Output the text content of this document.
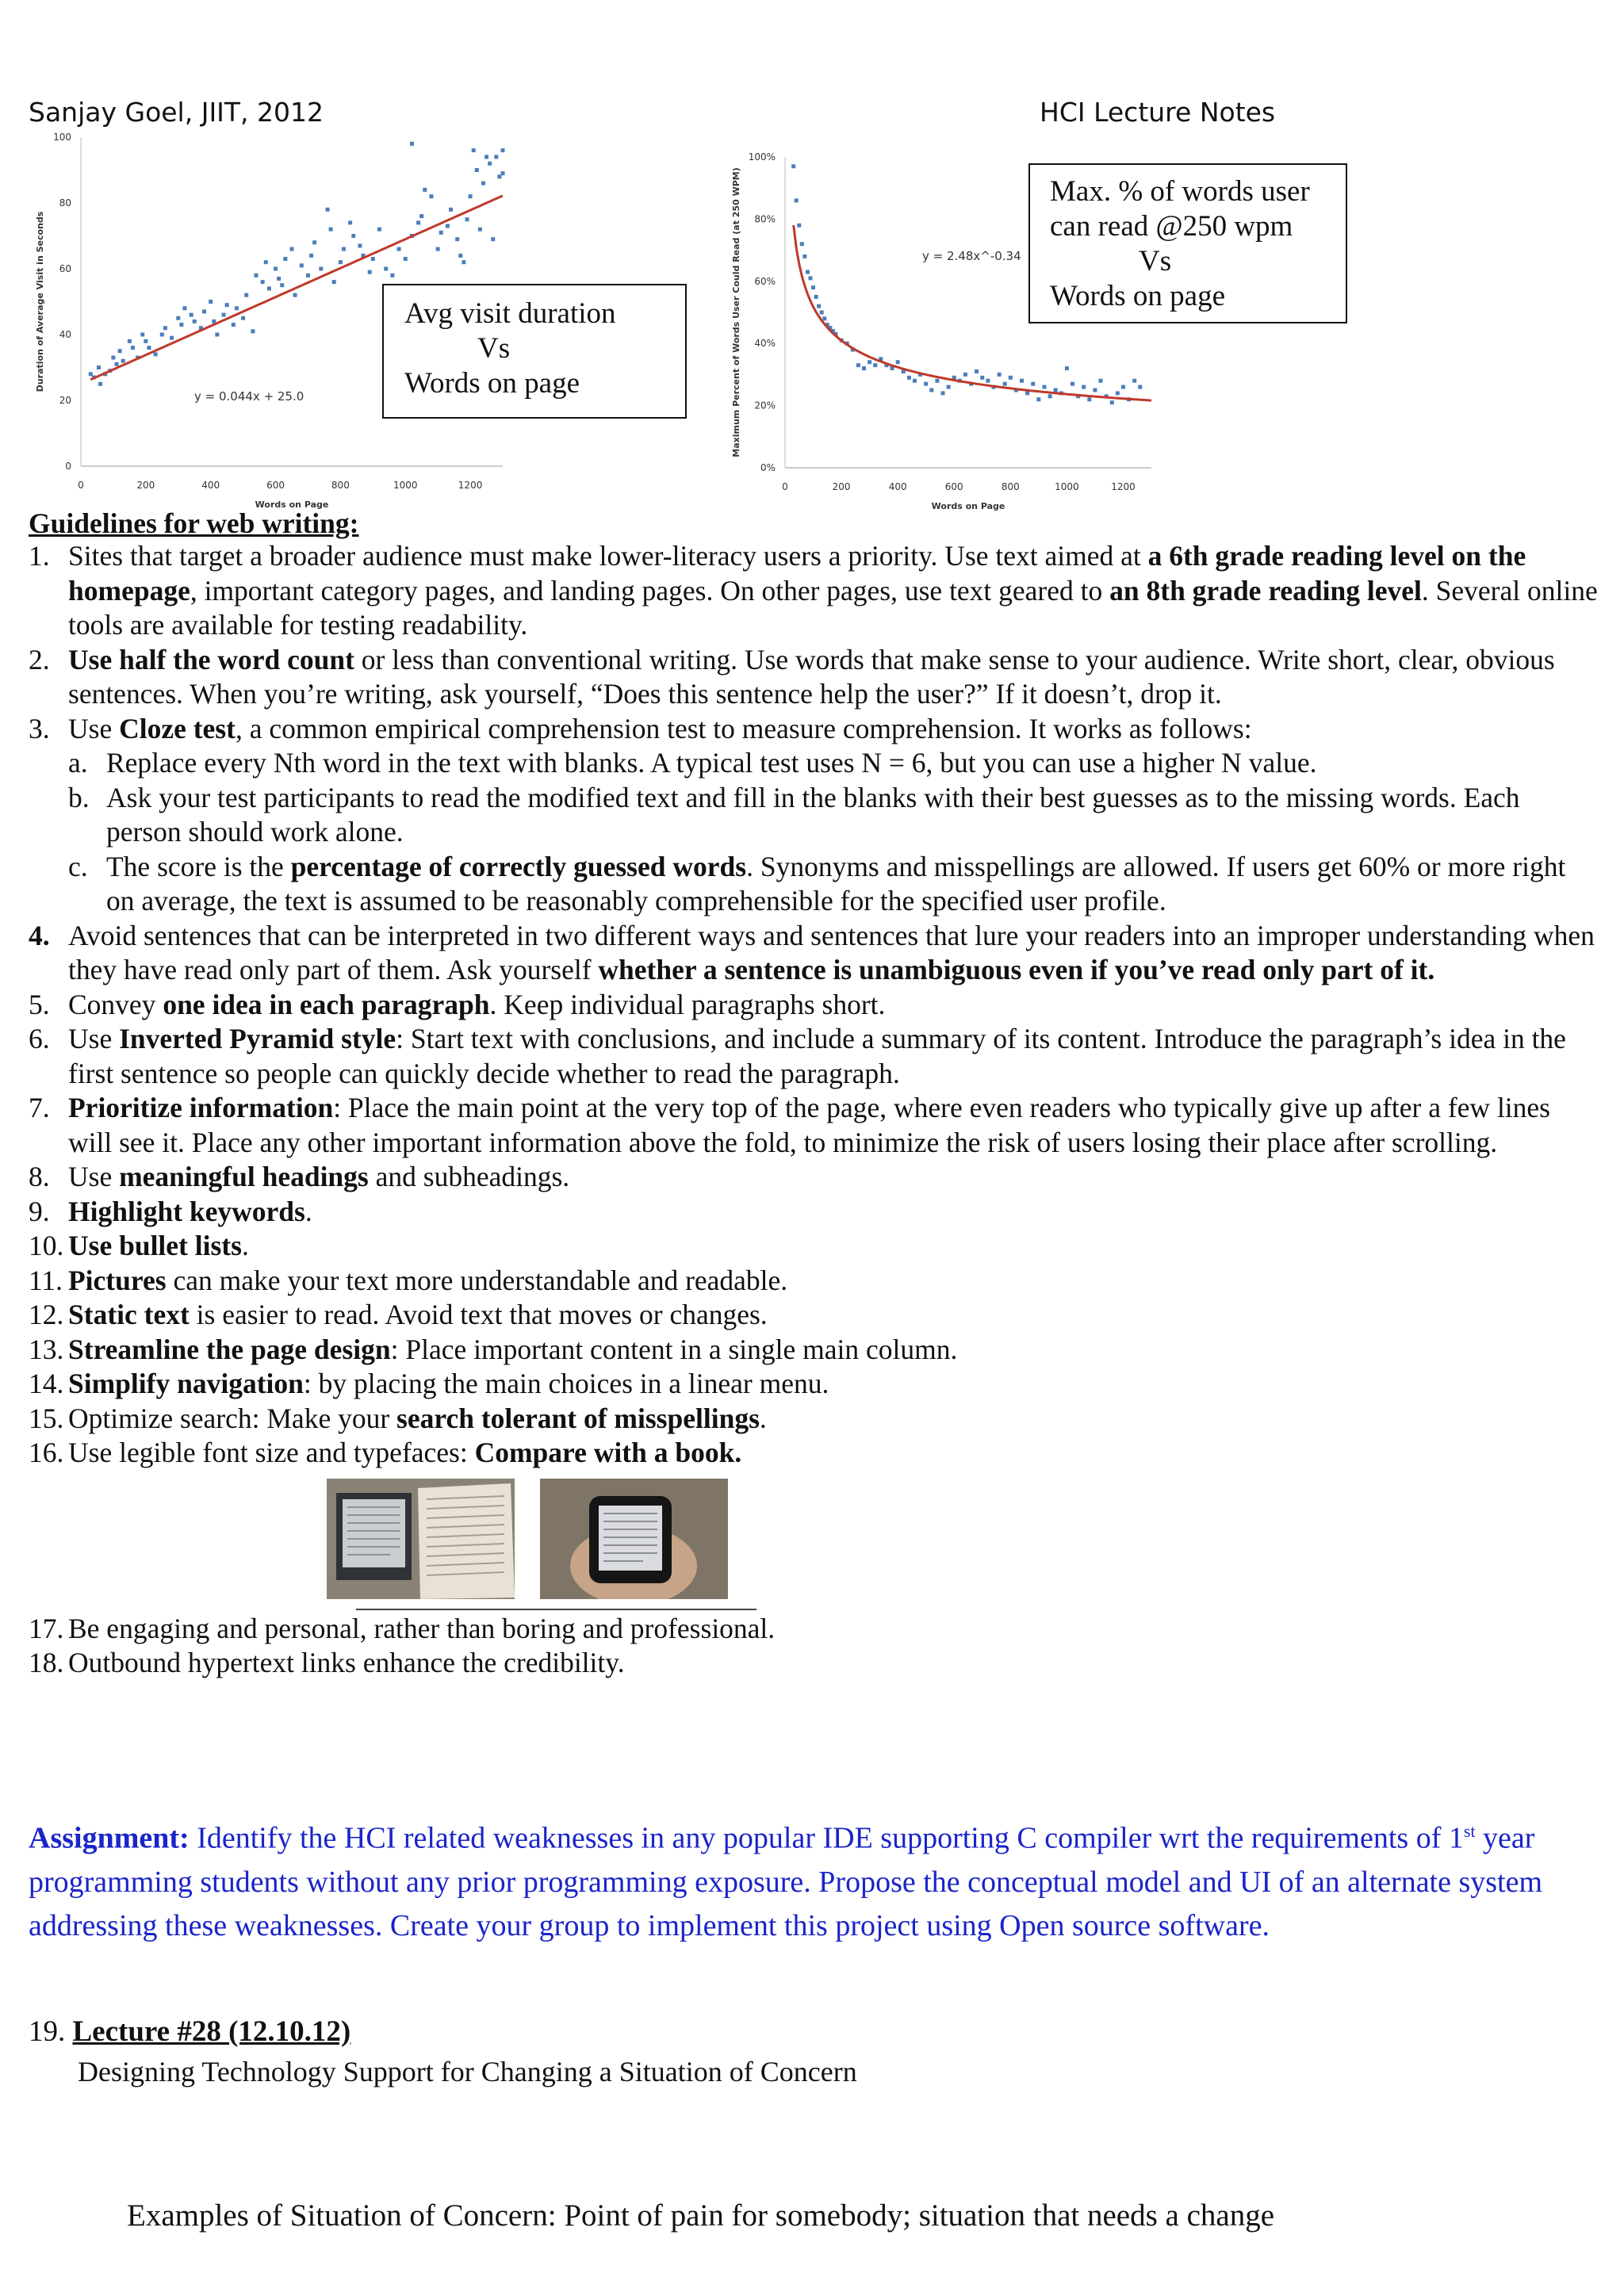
Sanjay Goel, JIIT, 2012	HCI Lecture Notes
0	200	400	600	800	1000	1200
0
20
40
60
80
100
Words on Page
Duration of Average Visit in Seconds
y = 0.044x + 25.0
Avg visit duration
Vs
Words on page
0	200	400	600	800	1000	1200
0%
20%
40%
60%
80%
100%
Words on Page
Maximum Percent of Words User Could Read (at 250 WPM)	y = 2.48x^-0.34
Max. % of words user
can read @250 wpm
Vs
Words on page
Guidelines for web writing:
1. Sites that target a broader audience must make lower-literacy users a priority. Use text aimed at a 6th grade reading level on the homepage, important category pages, and landing pages. On other pages, use text geared to an 8th grade reading level. Several online tools are available for testing readability.
2. Use half the word count or less than conventional writing. Use words that make sense to your audience. Write short, clear, obvious sentences. When you’re writing, ask yourself, “Does this sentence help the user?” If it doesn’t, drop it.
3. Use Cloze test, a common empirical comprehension test to measure comprehension. It works as follows:
a. Replace every Nth word in the text with blanks. A typical test uses N = 6, but you can use a higher N value.
b. Ask your test participants to read the modified text and fill in the blanks with their best guesses as to the missing words. Each person should work alone.
c. The score is the percentage of correctly guessed words. Synonyms and misspellings are allowed. If users get 60% or more right on average, the text is assumed to be reasonably comprehensible for the specified user profile.
4. Avoid sentences that can be interpreted in two different ways and sentences that lure your readers into an improper understanding when they have read only part of them. Ask yourself whether a sentence is unambiguous even if you’ve read only part of it.
5. Convey one idea in each paragraph. Keep individual paragraphs short.
6. Use Inverted Pyramid style: Start text with conclusions, and include a summary of its content. Introduce the paragraph’s idea in the first sentence so people can quickly decide whether to read the paragraph.
7. Prioritize information: Place the main point at the very top of the page, where even readers who typically give up after a few lines will see it. Place any other important information above the fold, to minimize the risk of users losing their place after scrolling.
8. Use meaningful headings and subheadings.
9. Highlight keywords.
10. Use bullet lists.
11. Pictures can make your text more understandable and readable.
12. Static text is easier to read. Avoid text that moves or changes.
13. Streamline the page design: Place important content in a single main column.
14. Simplify navigation: by placing the main choices in a linear menu.
15. Optimize search: Make your search tolerant of misspellings.
16. Use legible font size and typefaces: Compare with a book.
17. Be engaging and personal, rather than boring and professional.
18. Outbound hypertext links enhance the credibility.
Assignment: Identify the HCI related weaknesses in any popular IDE supporting C compiler wrt the requirements of 1st year programming students without any prior programming exposure. Propose the conceptual model and UI of an alternate system addressing these weaknesses. Create your group to implement this project using Open source software.
19. Lecture #28 (12.10.12)
Designing Technology Support for Changing a Situation of Concern
Examples of Situation of Concern: Point of pain for somebody; situation that needs a change
